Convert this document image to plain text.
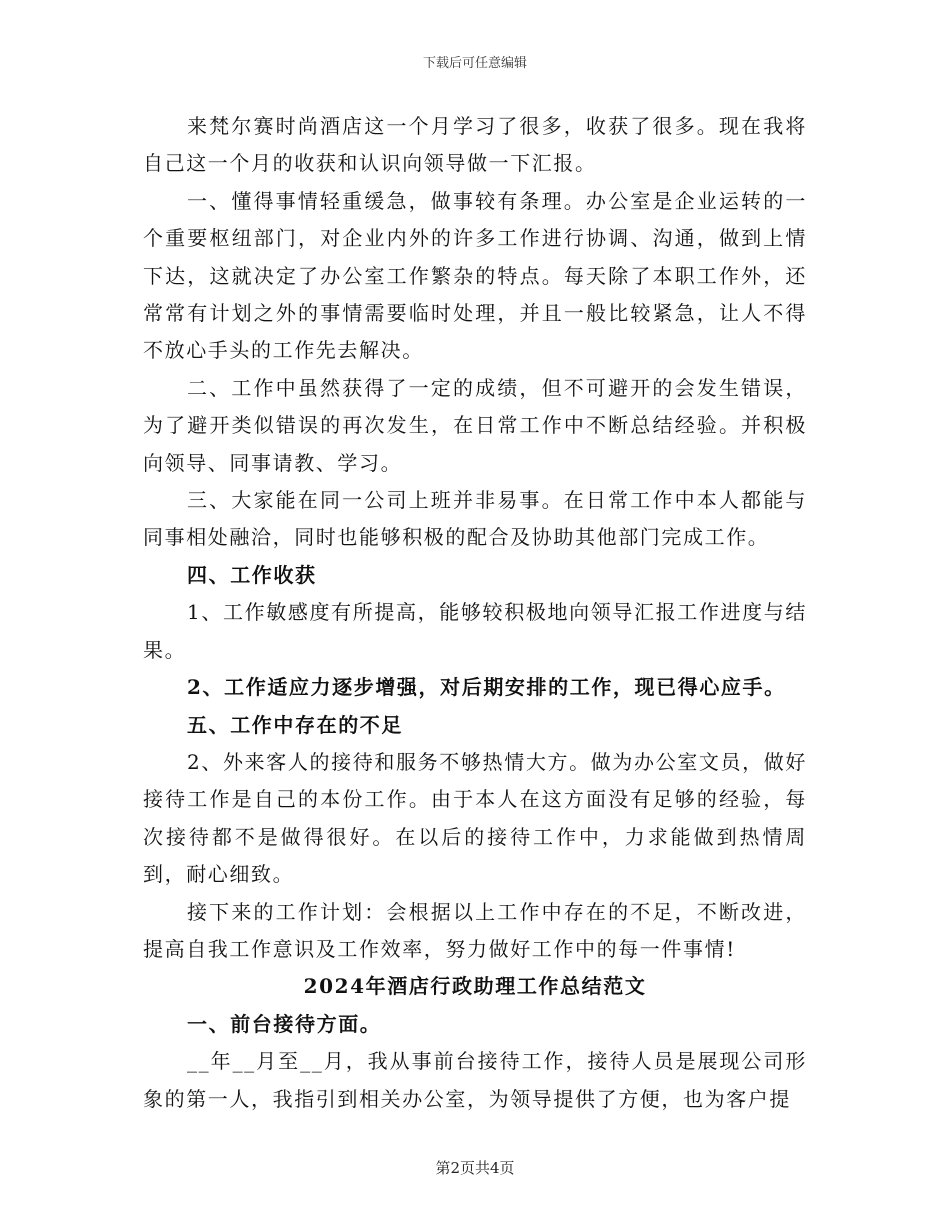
下载后可任意编辑

来梵尔赛时尚酒店这一个月学习了很多，收获了很多。现在我将自己这一个月的收获和认识向领导做一下汇报。

一、懂得事情轻重缓急，做事较有条理。办公室是企业运转的一个重要枢纽部门，对企业内外的许多工作进行协调、沟通，做到上情下达，这就决定了办公室工作繁杂的特点。每天除了本职工作外，还常常有计划之外的事情需要临时处理，并且一般比较紧急，让人不得不放心手头的工作先去解决。

二、工作中虽然获得了一定的成绩，但不可避开的会发生错误，为了避开类似错误的再次发生，在日常工作中不断总结经验。并积极向领导、同事请教、学习。

三、大家能在同一公司上班并非易事。在日常工作中本人都能与同事相处融洽，同时也能够积极的配合及协助其他部门完成工作。

四、工作收获

1、工作敏感度有所提高，能够较积极地向领导汇报工作进度与结果。

2、工作适应力逐步增强，对后期安排的工作，现已得心应手。

五、工作中存在的不足

2、外来客人的接待和服务不够热情大方。做为办公室文员，做好接待工作是自己的本份工作。由于本人在这方面没有足够的经验，每次接待都不是做得很好。在以后的接待工作中，力求能做到热情周到，耐心细致。

接下来的工作计划：会根据以上工作中存在的不足，不断改进，提高自我工作意识及工作效率，努力做好工作中的每一件事情!

2024年酒店行政助理工作总结范文

一、前台接待方面。

__年__月至__月，我从事前台接待工作，接待人员是展现公司形象的第一人，我指引到相关办公室，为领导提供了方便，也为客户提

第2页共4页
